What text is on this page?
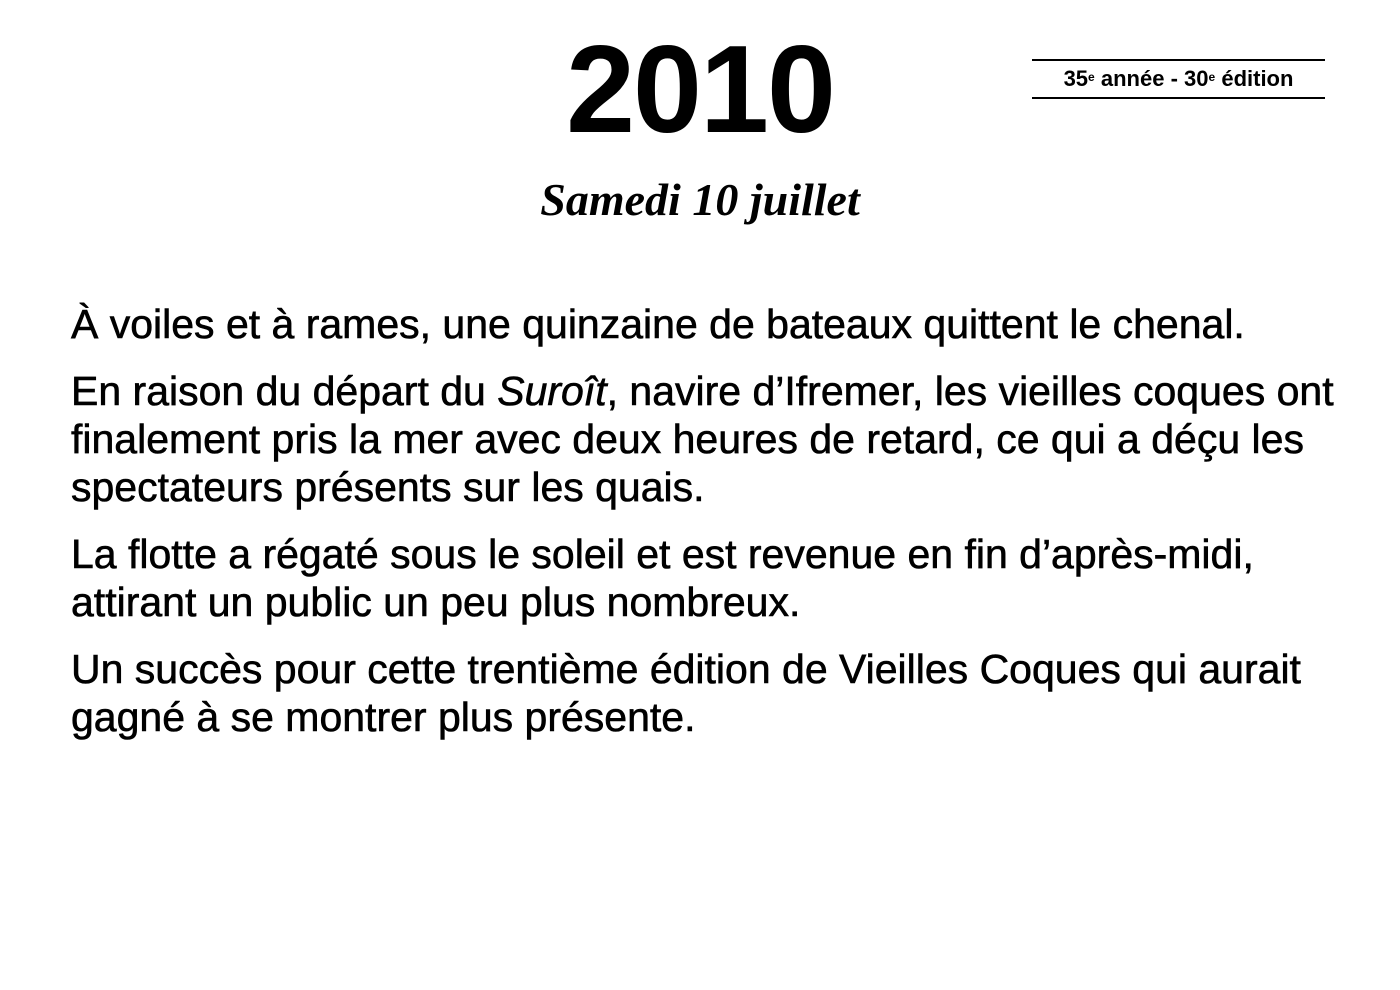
2010	35e
année
-
30e
édition
Samedi 10 juillet

À voiles et à rames, une quinzaine de bateaux quittent le chenal.

En raison du départ du Suroît, navire d’Ifremer, les vieilles coques ont finalement pris la mer avec deux heures de retard, ce qui a déçu les spectateurs présents sur les quais.

La flotte a régaté sous le soleil et est revenue en fin d’après-midi, attirant un public un peu plus nombreux.

Un succès pour cette trentième édition de Vieilles Coques qui aurait gagné à se montrer plus présente.
